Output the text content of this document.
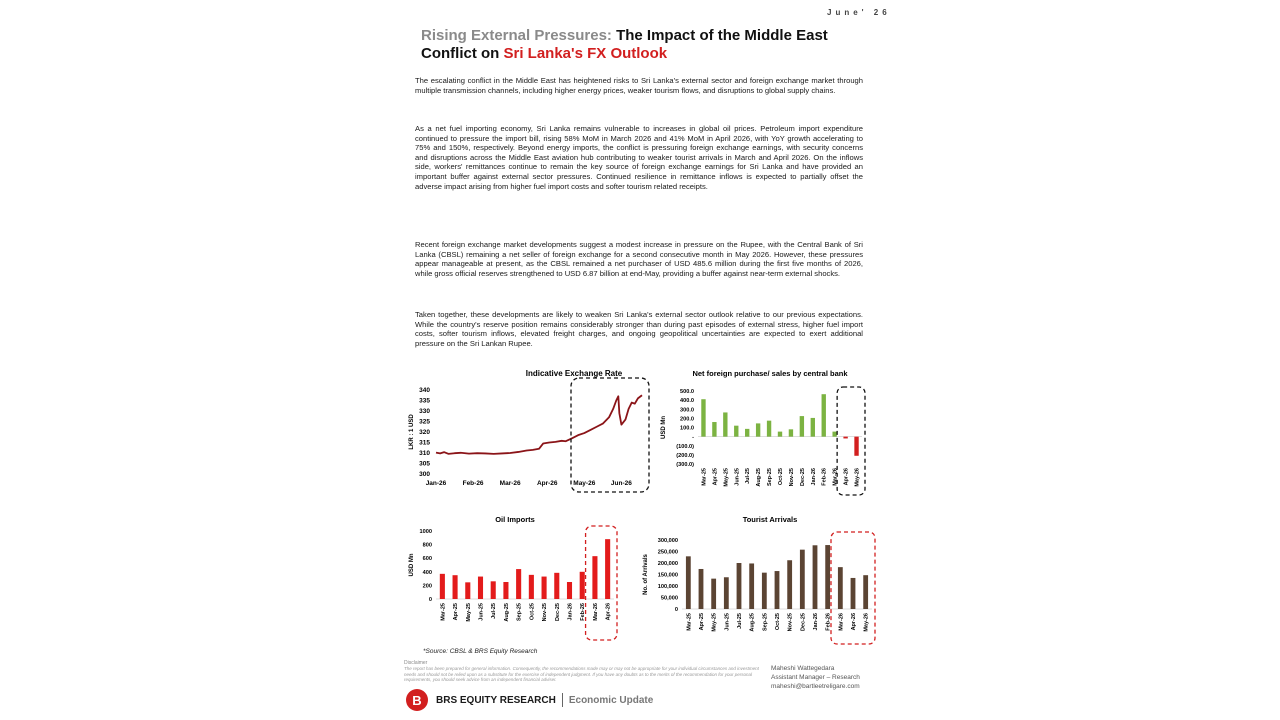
June' 26
Rising External Pressures: The Impact of the Middle East Conflict on Sri Lanka's FX Outlook
The escalating conflict in the Middle East has heightened risks to Sri Lanka's external sector and foreign exchange market through multiple transmission channels, including higher energy prices, weaker tourism flows, and disruptions to global supply chains.
As a net fuel importing economy, Sri Lanka remains vulnerable to increases in global oil prices. Petroleum import expenditure continued to pressure the import bill, rising 58% MoM in March 2026 and 41% MoM in April 2026, with YoY growth accelerating to 75% and 150%, respectively. Beyond energy imports, the conflict is pressuring foreign exchange earnings, with security concerns and disruptions across the Middle East aviation hub contributing to weaker tourist arrivals in March and April 2026. On the inflows side, workers' remittances continue to remain the key source of foreign exchange earnings for Sri Lanka and have provided an important buffer against external sector pressures. Continued resilience in remittance inflows is expected to partially offset the adverse impact arising from higher fuel import costs and softer tourism related receipts.
Recent foreign exchange market developments suggest a modest increase in pressure on the Rupee, with the Central Bank of Sri Lanka (CBSL) remaining a net seller of foreign exchange for a second consecutive month in May 2026. However, these pressures appear manageable at present, as the CBSL remained a net purchaser of USD 485.6 million during the first five months of 2026, while gross official reserves strengthened to USD 6.87 billion at end-May, providing a buffer against near-term external shocks.
Taken together, these developments are likely to weaken Sri Lanka's external sector outlook relative to our previous expectations. While the country's reserve position remains considerably stronger than during past episodes of external stress, higher fuel import costs, softer tourism inflows, elevated freight charges, and ongoing geopolitical uncertainties are expected to exert additional pressure on the Sri Lankan Rupee.
Indicative Exchange Rate
LKR : 1 USD
300
305
310
315
320
325
330
335
340
Jan-26	Feb-26 Mar-26	Apr-26 May-26 Jun-26
Net foreign purchase/ sales by central bank
USD Mn
500.0
400.0
300.0
200.0
100.0
-
(100.0)
(200.0)
(300.0)
Mar-25 Apr-25 May-25 Jun-25 Jul-25 Aug-25 Sep-25 Oct-25 Nov-25 Dec-25 Jan-26 Feb-26 Mar-26 Apr-26 May-26
Oil Imports
USD Mn
0
200
400
600
800
1000
Mar-25 Apr-25 May-25 Jun-25 Jul-25 Aug-25 Sep-25 Oct-25 Nov-25 Dec-25 Jan-26 Feb-26 Mar-26 Apr-26
Tourist Arrivals
No. of Arrivals
0
50,000
100,000
150,000
200,000
250,000
300,000
Mar-25 Apr-25 May-25 Jun-25 Jul-25 Aug-25 Sep-25 Oct-25 Nov-25 Dec-25 Jan-26 Feb-26 Mar-26 Apr-26 May-26
*Source: CBSL & BRS Equity Research
Disclaimer
The report has been prepared for general information. Consequently, the recommendations made may or may not be appropriate for your individual circumstances and investment needs and should not be relied upon as a substitute for the exercise of independent judgment. If you have any doubts as to the merits of the recommendation for your personal requirements, you should seek advice from an independent financial adviser.
Maheshi Wattegedara
Assistant Manager – Research
maheshi@bartleetreligare.com
B	BRS EQUITY RESEARCH Economic Update
